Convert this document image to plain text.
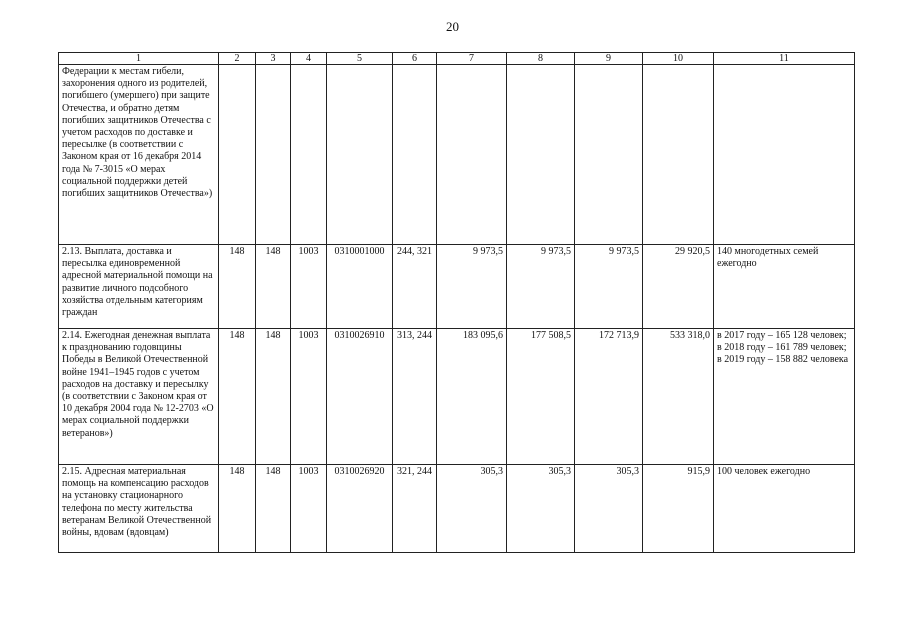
20
1	2	3	4	5	6	7	8	9	10	11
Федерации к местам гибели, захоронения одного из родителей, погибшего (умершего) при защите Отечества, и обратно детям погибших защитников Отечества с учетом расходов по доставке и пересылке (в соответствии с Законом края от 16 декабря 2014 года № 7-3015 «О мерах социальной поддержки детей погибших защитников Отечества»)										
2.13. Выплата, доставка и пересылка единовременной адресной материальной помощи на развитие личного подсобного хозяйства отдельным категориям граждан	148	148	1003	0310001000	244, 321	9 973,5	9 973,5	9 973,5	29 920,5	140 многодетных семей ежегодно
2.14. Ежегодная денежная выплата к празднованию годовщины Победы в Великой Отечественной войне 1941–1945 годов с учетом расходов на доставку и пересылку (в соответствии с Законом края от 10 декабря 2004 года № 12-2703 «О мерах социальной поддержки ветеранов»)	148	148	1003	0310026910	313, 244	183 095,6	177 508,5	172 713,9	533 318,0	в 2017 году – 165 128 человек; в 2018 году – 161 789 человек; в 2019 году – 158 882 человека
2.15. Адресная материальная помощь на компенсацию расходов на установку стационарного телефона по месту жительства ветеранам Великой Отечественной войны, вдовам (вдовцам)	148	148	1003	0310026920	321, 244	305,3	305,3	305,3	915,9	100 человек ежегодно
